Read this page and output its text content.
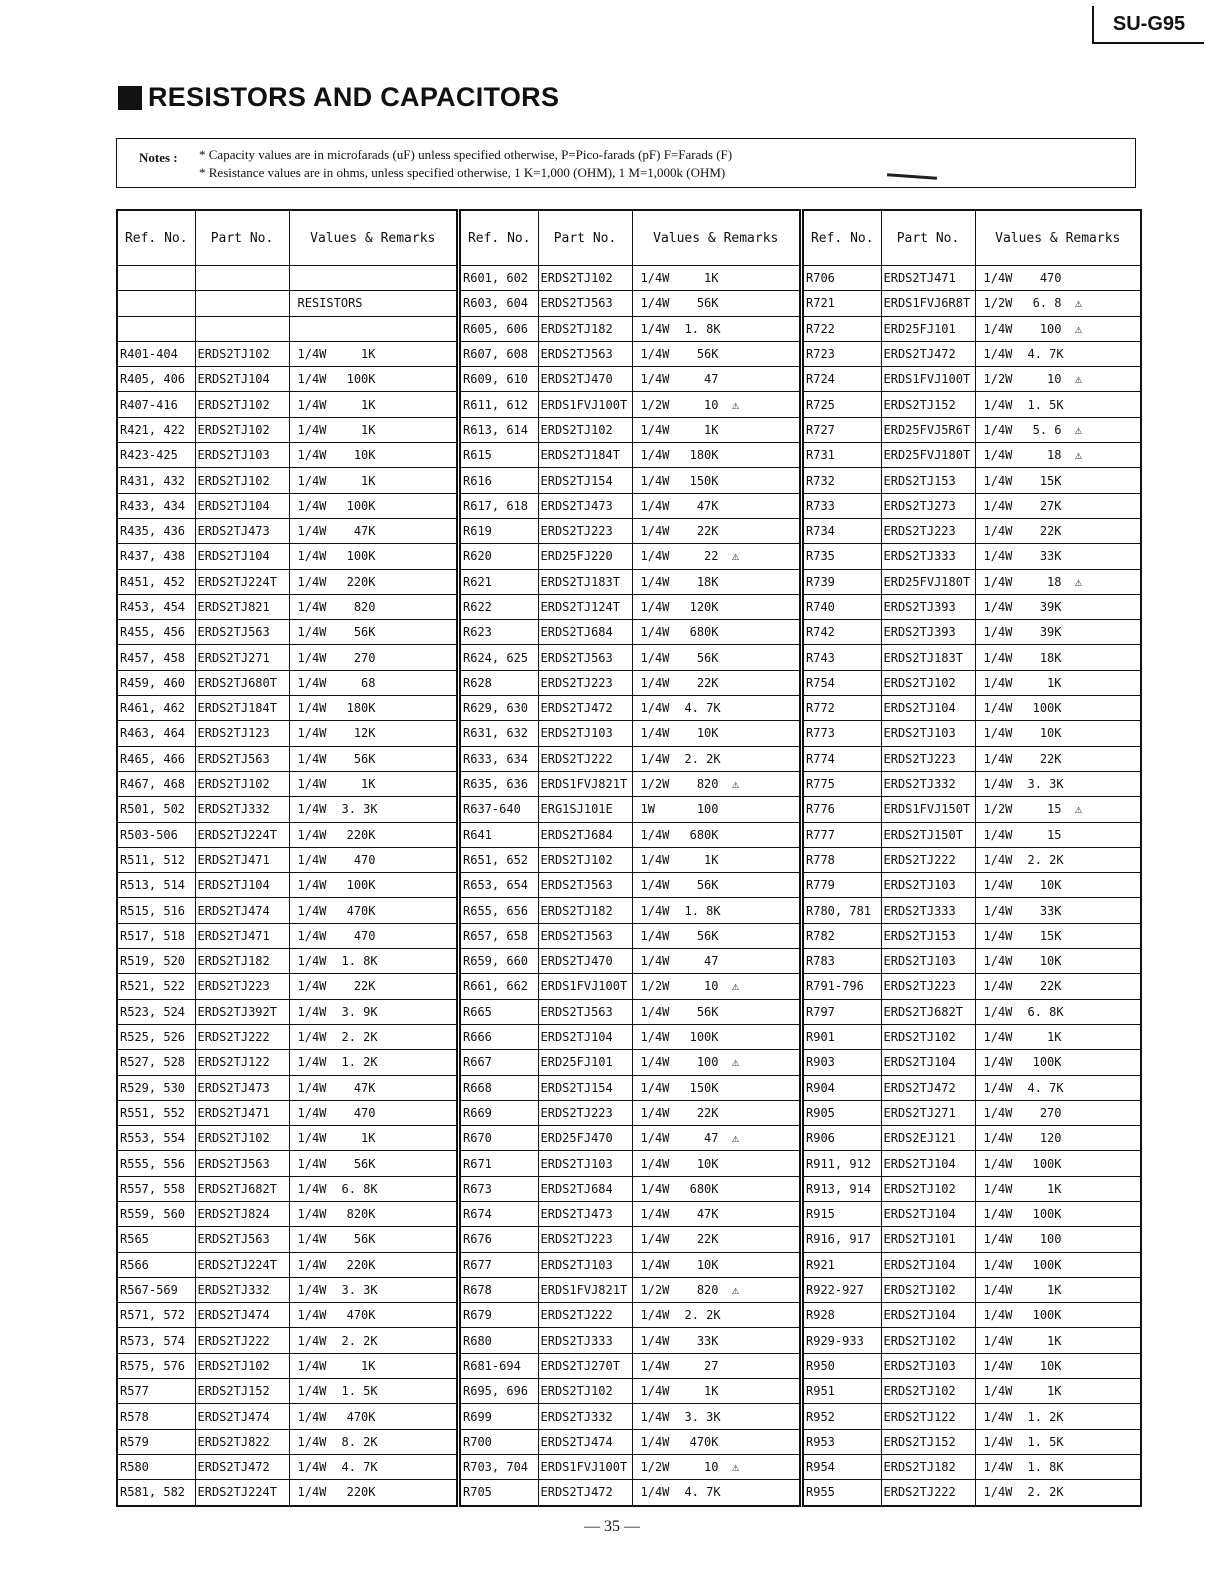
SU-G95
RESISTORS AND CAPACITORS
Notes : * Capacity values are in microfarads (uF) unless specified otherwise, P=Pico-farads (pF) F=Farads (F)
* Resistance values are in ohms, unless specified otherwise, 1 K=1,000 (OHM), 1 M=1,000k (OHM)
Ref. No.	Part No.	Values & Remarks

		RESISTORS

R401-404	ERDS2TJ102	1/4W 1K
R405, 406	ERDS2TJ104	1/4W 100K
R407-416	ERDS2TJ102	1/4W 1K
R421, 422	ERDS2TJ102	1/4W 1K
R423-425	ERDS2TJ103	1/4W 10K
R431, 432	ERDS2TJ102	1/4W 1K
R433, 434	ERDS2TJ104	1/4W 100K
R435, 436	ERDS2TJ473	1/4W 47K
R437, 438	ERDS2TJ104	1/4W 100K
R451, 452	ERDS2TJ224T	1/4W 220K
R453, 454	ERDS2TJ821	1/4W 820
R455, 456	ERDS2TJ563	1/4W 56K
R457, 458	ERDS2TJ271	1/4W 270
R459, 460	ERDS2TJ680T	1/4W 68
R461, 462	ERDS2TJ184T	1/4W 180K
R463, 464	ERDS2TJ123	1/4W 12K
R465, 466	ERDS2TJ563	1/4W 56K
R467, 468	ERDS2TJ102	1/4W 1K
R501, 502	ERDS2TJ332	1/4W 3. 3K
R503-506	ERDS2TJ224T	1/4W 220K
R511, 512	ERDS2TJ471	1/4W 470
R513, 514	ERDS2TJ104	1/4W 100K
R515, 516	ERDS2TJ474	1/4W 470K
R517, 518	ERDS2TJ471	1/4W 470
R519, 520	ERDS2TJ182	1/4W 1. 8K
R521, 522	ERDS2TJ223	1/4W 22K
R523, 524	ERDS2TJ392T	1/4W 3. 9K
R525, 526	ERDS2TJ222	1/4W 2. 2K
R527, 528	ERDS2TJ122	1/4W 1. 2K
R529, 530	ERDS2TJ473	1/4W 47K
R551, 552	ERDS2TJ471	1/4W 470
R553, 554	ERDS2TJ102	1/4W 1K
R555, 556	ERDS2TJ563	1/4W 56K
R557, 558	ERDS2TJ682T	1/4W 6. 8K
R559, 560	ERDS2TJ824	1/4W 820K
R565	ERDS2TJ563	1/4W 56K
R566	ERDS2TJ224T	1/4W 220K
R567-569	ERDS2TJ332	1/4W 3. 3K
R571, 572	ERDS2TJ474	1/4W 470K
R573, 574	ERDS2TJ222	1/4W 2. 2K
R575, 576	ERDS2TJ102	1/4W 1K
R577	ERDS2TJ152	1/4W 1. 5K
R578	ERDS2TJ474	1/4W 470K
R579	ERDS2TJ822	1/4W 8. 2K
R580	ERDS2TJ472	1/4W 4. 7K
R581, 582	ERDS2TJ224T	1/4W 220K
Ref. No.	Part No.	Values & Remarks
R601, 602	ERDS2TJ102	1/4W 1K
R603, 604	ERDS2TJ563	1/4W 56K
R605, 606	ERDS2TJ182	1/4W 1. 8K
R607, 608	ERDS2TJ563	1/4W 56K
R609, 610	ERDS2TJ470	1/4W 47
R611, 612	ERDS1FVJ100T	1/2W 10 ⚠
R613, 614	ERDS2TJ102	1/4W 1K
R615	ERDS2TJ184T	1/4W 180K
R616	ERDS2TJ154	1/4W 150K
R617, 618	ERDS2TJ473	1/4W 47K
R619	ERDS2TJ223	1/4W 22K
R620	ERD25FJ220	1/4W 22 ⚠
R621	ERDS2TJ183T	1/4W 18K
R622	ERDS2TJ124T	1/4W 120K
R623	ERDS2TJ684	1/4W 680K
R624, 625	ERDS2TJ563	1/4W 56K
R628	ERDS2TJ223	1/4W 22K
R629, 630	ERDS2TJ472	1/4W 4. 7K
R631, 632	ERDS2TJ103	1/4W 10K
R633, 634	ERDS2TJ222	1/4W 2. 2K
R635, 636	ERDS1FVJ821T	1/2W 820 ⚠
R637-640	ERG1SJ101E	1W 100
R641	ERDS2TJ684	1/4W 680K
R651, 652	ERDS2TJ102	1/4W 1K
R653, 654	ERDS2TJ563	1/4W 56K
R655, 656	ERDS2TJ182	1/4W 1. 8K
R657, 658	ERDS2TJ563	1/4W 56K
R659, 660	ERDS2TJ470	1/4W 47
R661, 662	ERDS1FVJ100T	1/2W 10 ⚠
R665	ERDS2TJ563	1/4W 56K
R666	ERDS2TJ104	1/4W 100K
R667	ERD25FJ101	1/4W 100 ⚠
R668	ERDS2TJ154	1/4W 150K
R669	ERDS2TJ223	1/4W 22K
R670	ERD25FJ470	1/4W 47 ⚠
R671	ERDS2TJ103	1/4W 10K
R673	ERDS2TJ684	1/4W 680K
R674	ERDS2TJ473	1/4W 47K
R676	ERDS2TJ223	1/4W 22K
R677	ERDS2TJ103	1/4W 10K
R678	ERDS1FVJ821T	1/2W 820 ⚠
R679	ERDS2TJ222	1/4W 2. 2K
R680	ERDS2TJ333	1/4W 33K
R681-694	ERDS2TJ270T	1/4W 27
R695, 696	ERDS2TJ102	1/4W 1K
R699	ERDS2TJ332	1/4W 3. 3K
R700	ERDS2TJ474	1/4W 470K
R703, 704	ERDS1FVJ100T	1/2W 10 ⚠
R705	ERDS2TJ472	1/4W 4. 7K
Ref. No.	Part No.	Values & Remarks
R706	ERDS2TJ471	1/4W 470
R721	ERDS1FVJ6R8T	1/2W 6. 8 ⚠
R722	ERD25FJ101	1/4W 100 ⚠
R723	ERDS2TJ472	1/4W 4. 7K
R724	ERDS1FVJ100T	1/2W 10 ⚠
R725	ERDS2TJ152	1/4W 1. 5K
R727	ERD25FVJ5R6T	1/4W 5. 6 ⚠
R731	ERD25FVJ180T	1/4W 18 ⚠
R732	ERDS2TJ153	1/4W 15K
R733	ERDS2TJ273	1/4W 27K
R734	ERDS2TJ223	1/4W 22K
R735	ERDS2TJ333	1/4W 33K
R739	ERD25FVJ180T	1/4W 18 ⚠
R740	ERDS2TJ393	1/4W 39K
R742	ERDS2TJ393	1/4W 39K
R743	ERDS2TJ183T	1/4W 18K
R754	ERDS2TJ102	1/4W 1K
R772	ERDS2TJ104	1/4W 100K
R773	ERDS2TJ103	1/4W 10K
R774	ERDS2TJ223	1/4W 22K
R775	ERDS2TJ332	1/4W 3. 3K
R776	ERDS1FVJ150T	1/2W 15 ⚠
R777	ERDS2TJ150T	1/4W 15
R778	ERDS2TJ222	1/4W 2. 2K
R779	ERDS2TJ103	1/4W 10K
R780, 781	ERDS2TJ333	1/4W 33K
R782	ERDS2TJ153	1/4W 15K
R783	ERDS2TJ103	1/4W 10K
R791-796	ERDS2TJ223	1/4W 22K
R797	ERDS2TJ682T	1/4W 6. 8K
R901	ERDS2TJ102	1/4W 1K
R903	ERDS2TJ104	1/4W 100K
R904	ERDS2TJ472	1/4W 4. 7K
R905	ERDS2TJ271	1/4W 270
R906	ERDS2EJ121	1/4W 120
R911, 912	ERDS2TJ104	1/4W 100K
R913, 914	ERDS2TJ102	1/4W 1K
R915	ERDS2TJ104	1/4W 100K
R916, 917	ERDS2TJ101	1/4W 100
R921	ERDS2TJ104	1/4W 100K
R922-927	ERDS2TJ102	1/4W 1K
R928	ERDS2TJ104	1/4W 100K
R929-933	ERDS2TJ102	1/4W 1K
R950	ERDS2TJ103	1/4W 10K
R951	ERDS2TJ102	1/4W 1K
R952	ERDS2TJ122	1/4W 1. 2K
R953	ERDS2TJ152	1/4W 1. 5K
R954	ERDS2TJ182	1/4W 1. 8K
R955	ERDS2TJ222	1/4W 2. 2K
— 35 —
